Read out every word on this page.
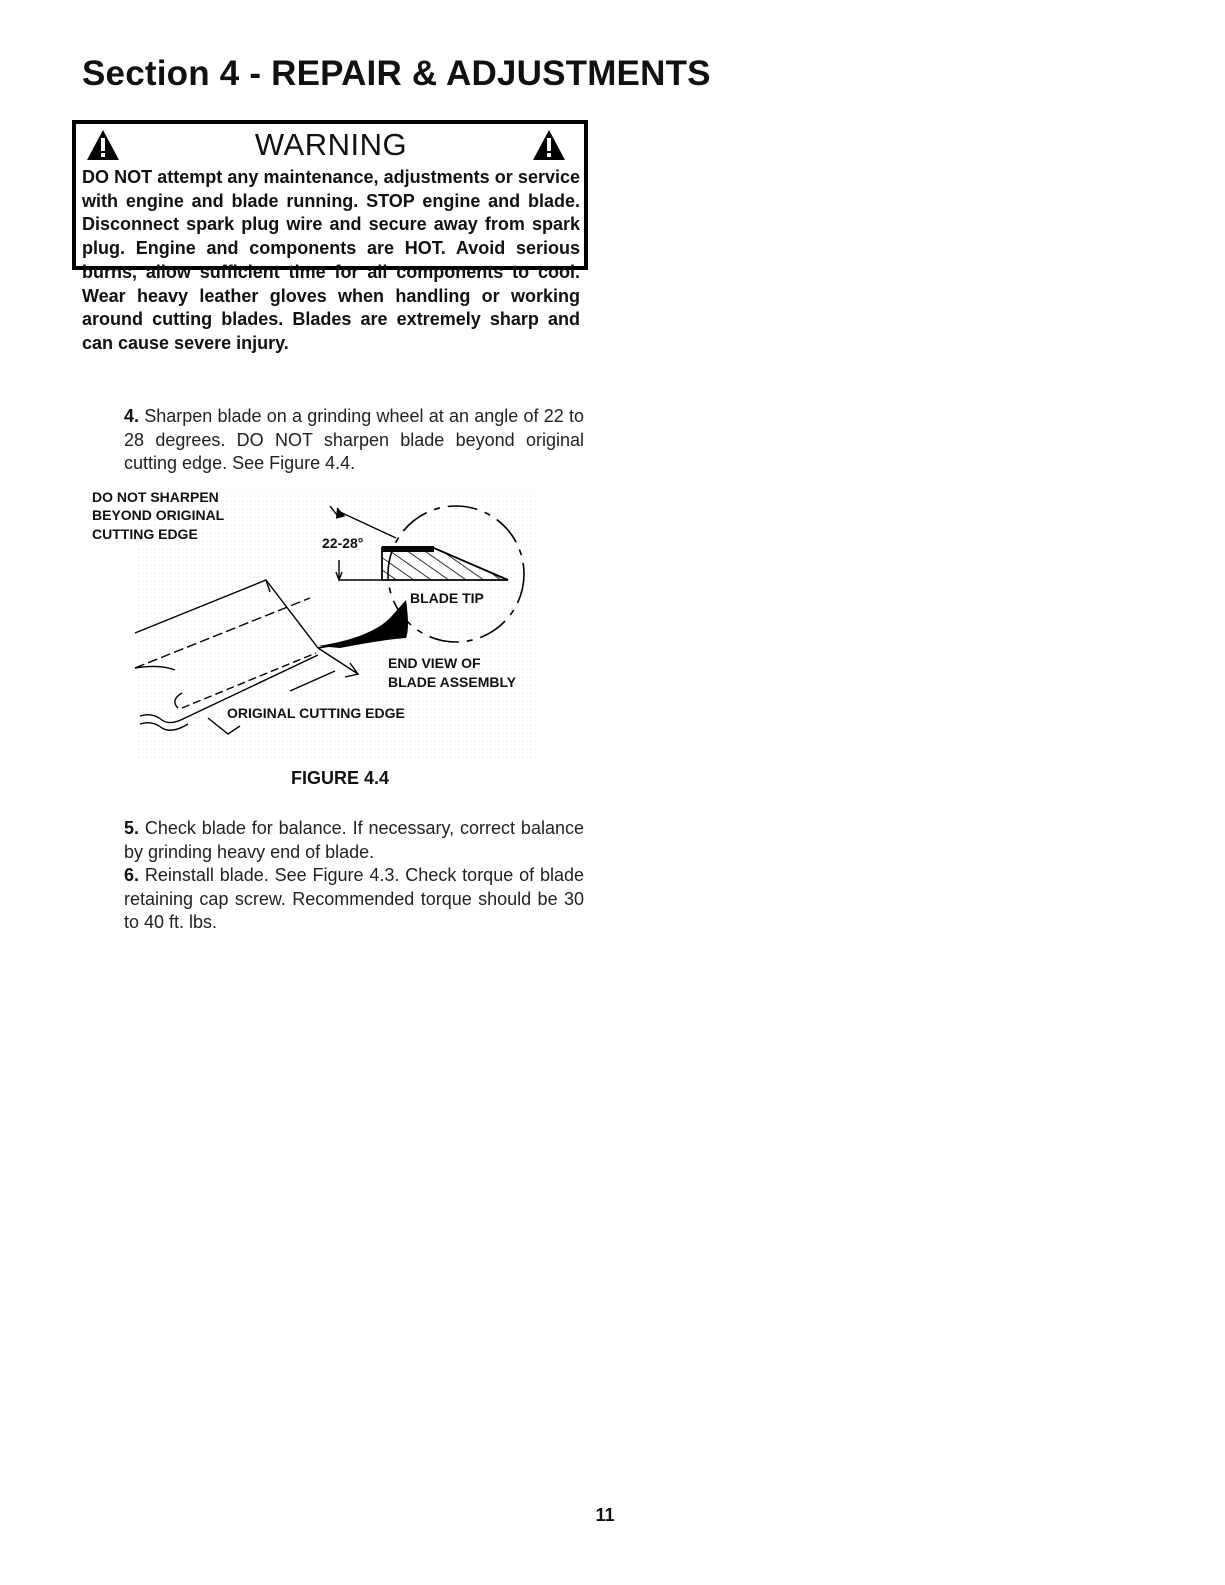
Section 4 - REPAIR & ADJUSTMENTS
WARNING

DO NOT attempt any maintenance, adjustments or service with engine and blade running. STOP engine and blade. Disconnect spark plug wire and secure away from spark plug. Engine and components are HOT. Avoid serious burns, allow sufficient time for all components to cool. Wear heavy leather gloves when handling or working around cutting blades. Blades are extremely sharp and can cause severe injury.

4. Sharpen blade on a grinding wheel at an angle of 22 to 28 degrees. DO NOT sharpen blade beyond original cutting edge. See Figure 4.4.

DO NOT SHARPEN
BEYOND ORIGINAL
CUTTING EDGE
22-28°
BLADE TIP
END VIEW OF
BLADE ASSEMBLY
ORIGINAL CUTTING EDGE

FIGURE 4.4

5. Check blade for balance. If necessary, correct balance by grinding heavy end of blade.

6. Reinstall blade. See Figure 4.3. Check torque of blade retaining cap screw. Recommended torque should be 30 to 40 ft. lbs.

11
